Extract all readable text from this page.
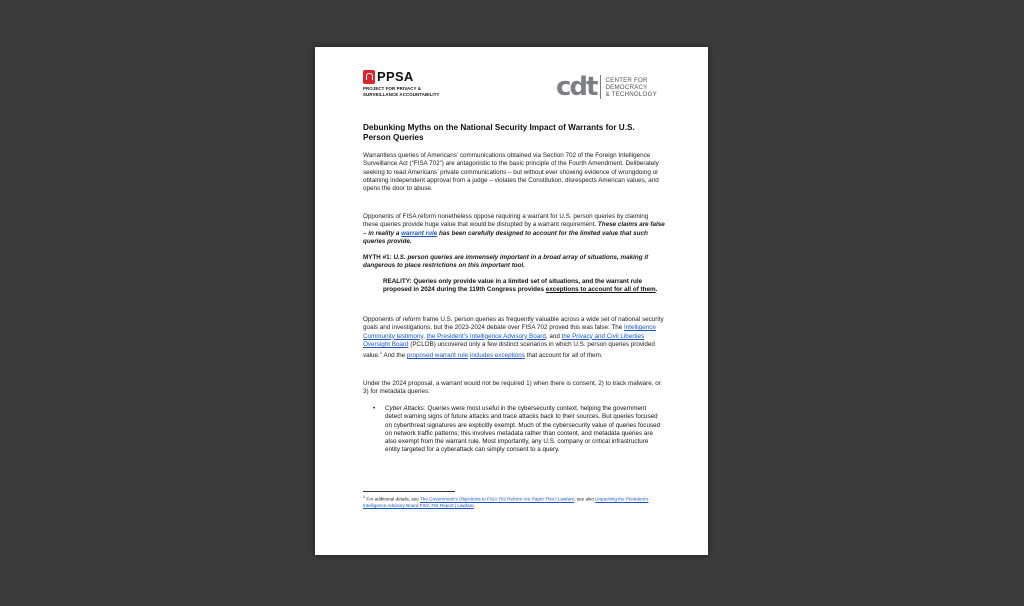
PPSA
PROJECT FOR PRIVACY &
SURVEILLANCE ACCOUNTABILITY	cdt CENTER FOR
DEMOCRACY
& TECHNOLOGY
Debunking Myths on the National Security Impact of Warrants for U.S. Person Queries

Warrantless queries of Americans’ communications obtained via Section 702 of the Foreign Intelligence Surveillance Act (“FISA 702”) are antagonistic to the basic principle of the Fourth Amendment. Deliberately seeking to read Americans’ private communications – but without ever showing evidence of wrongdoing or obtaining independent approval from a judge – violates the Constitution, disrespects American values, and opens the door to abuse.

Opponents of FISA reform nonetheless oppose requiring a warrant for U.S. person queries by claiming these queries provide huge value that would be disrupted by a warrant requirement. These claims are false – in reality a warrant rule has been carefully designed to account for the limited value that such queries provide.

MYTH #1: U.S. person queries are immensely important in a broad array of situations, making it dangerous to place restrictions on this important tool.

REALITY: Queries only provide value in a limited set of situations, and the warrant rule proposed in 2024 during the 119th Congress provides exceptions to account for all of them.

Opponents of reform frame U.S. person queries as frequently valuable across a wide set of national security goals and investigations, but the 2023-2024 debate over FISA 702 proved this was false: The Intelligence Community testimony, the President’s Intelligence Advisory Board, and the Privacy and Civil Liberties Oversight Board (PCLOB) uncovered only a few distinct scenarios in which U.S. person queries provided value.$^1$ And the proposed warrant rule includes exceptions that account for all of them.

Under the 2024 proposal, a warrant would not be required 1) when there is consent, 2) to track malware, or 3) for metadata queries:

• Cyber Attacks: Queries were most useful in the cybersecurity context, helping the government detect warning signs of future attacks and trace attacks back to their sources. But queries focused on cyberthreat signatures are explicitly exempt. Much of the cybersecurity value of queries focused on network traffic patterns; this involves metadata rather than content, and metadata queries are also exempt from the warrant rule. Most importantly, any U.S. company or critical infrastructure entity targeted for a cyberattack can simply consent to a query.

$^1$ For additional details, see The Government’s Objections to FISA 702 Reform Are Paper Thin | Lawfare; see also Unpacking the President’s Intelligence Advisory Board FISA 702 Report | Lawfare.
